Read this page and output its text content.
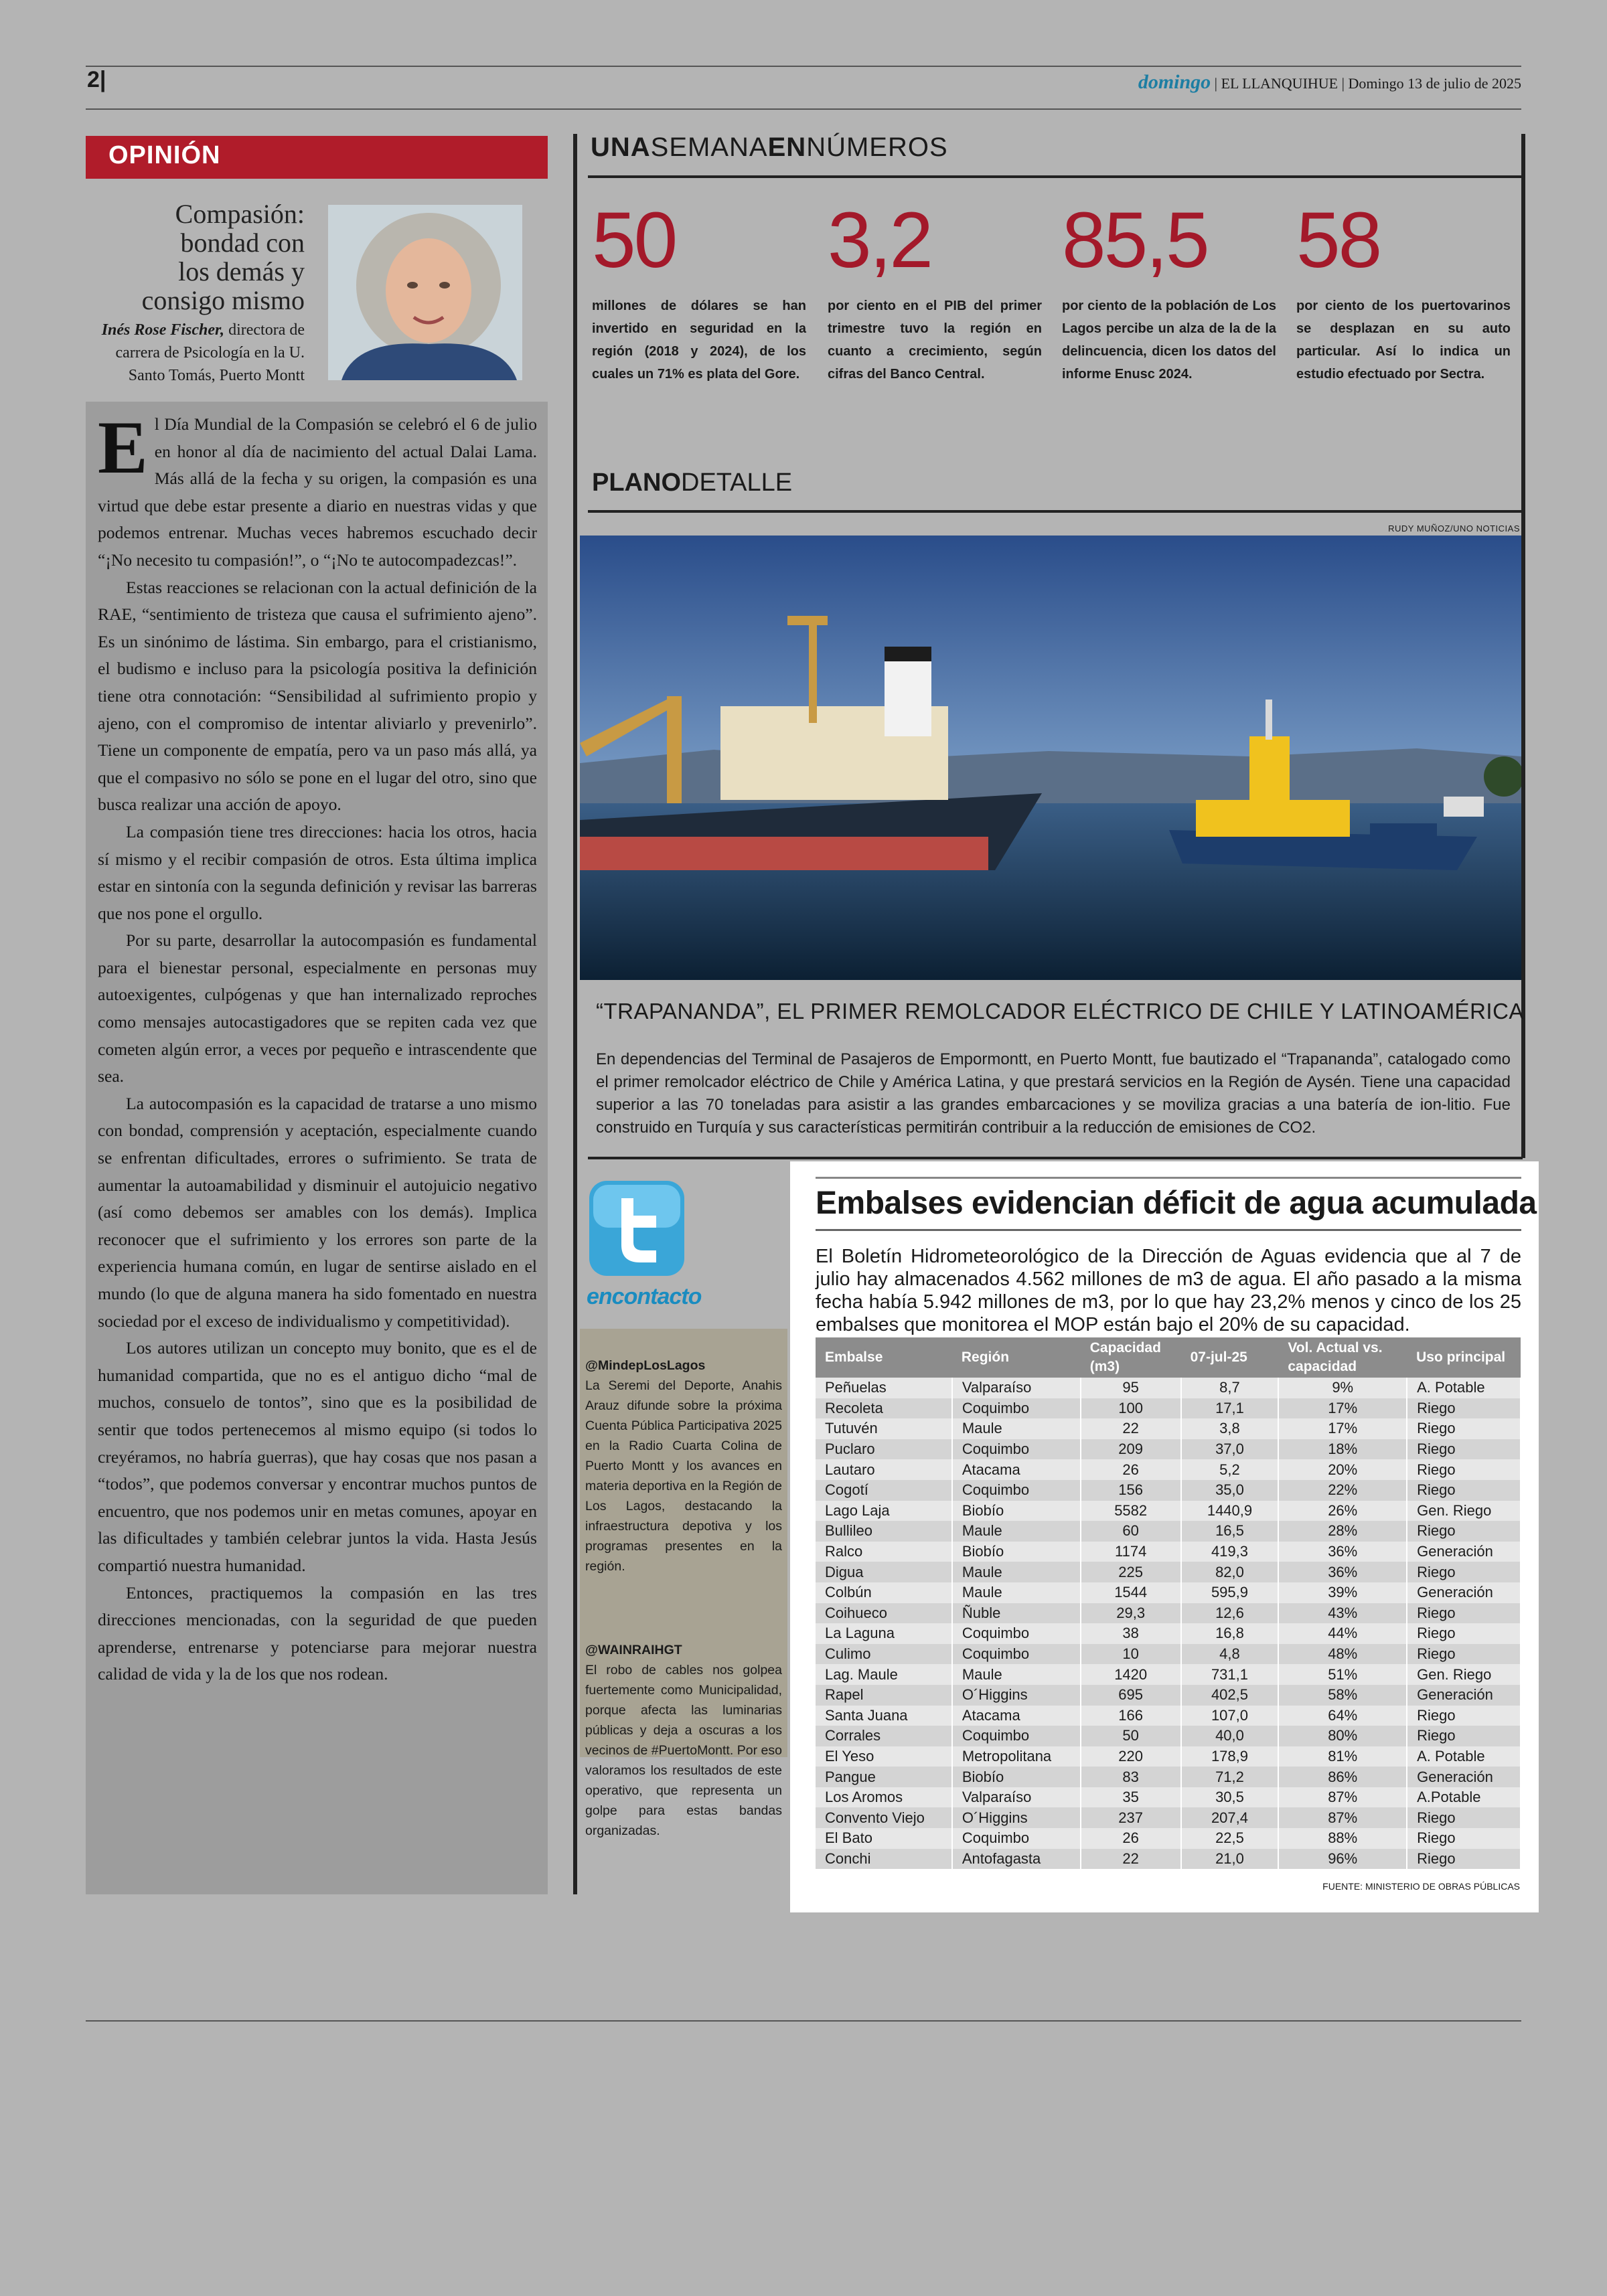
2|	domingo | EL LLANQUIHUE | Domingo 13 de julio de 2025
OPINIÓN
Compasión:
bondad con
los demás y
consigo mismo
Inés Rose Fischer, directora de carrera de Psicología en la U. Santo Tomás, Puerto Montt

El Día Mundial de la Compasión se celebró el 6 de julio en honor al día de nacimiento del actual Dalai Lama. Más allá de la fecha y su origen, la compasión es una virtud que debe estar presente a diario en nuestras vidas y que podemos entrenar. Muchas veces habremos escuchado decir “¡No necesito tu compasión!”, o “¡No te autocompadezcas!”.

Estas reacciones se relacionan con la actual definición de la RAE, “sentimiento de tristeza que causa el sufrimiento ajeno”. Es un sinónimo de lástima. Sin embargo, para el cristianismo, el budismo e incluso para la psicología positiva la definición tiene otra connotación: “Sensibilidad al sufrimiento propio y ajeno, con el compromiso de intentar aliviarlo y prevenirlo”. Tiene un componente de empatía, pero va un paso más allá, ya que el compasivo no sólo se pone en el lugar del otro, sino que busca realizar una acción de apoyo.

La compasión tiene tres direcciones: hacia los otros, hacia sí mismo y el recibir compasión de otros. Esta última implica estar en sintonía con la segunda definición y revisar las barreras que nos pone el orgullo.

Por su parte, desarrollar la autocompasión es fundamental para el bienestar personal, especialmente en personas muy autoexigentes, culpógenas y que han internalizado reproches como mensajes autocastigadores que se repiten cada vez que cometen algún error, a veces por pequeño e intrascendente que sea.

La autocompasión es la capacidad de tratarse a uno mismo con bondad, comprensión y aceptación, especialmente cuando se enfrentan dificultades, errores o sufrimiento. Se trata de aumentar la autoamabilidad y disminuir el autojuicio negativo (así como debemos ser amables con los demás). Implica reconocer que el sufrimiento y los errores son parte de la experiencia humana común, en lugar de sentirse aislado en el mundo (lo que de alguna manera ha sido fomentado en nuestra sociedad por el exceso de individualismo y competitividad).

Los autores utilizan un concepto muy bonito, que es el de humanidad compartida, que no es el antiguo dicho “mal de muchos, consuelo de tontos”, sino que es la posibilidad de sentir que todos pertenecemos al mismo equipo (si todos lo creyéramos, no habría guerras), que hay cosas que nos pasan a “todos”, que podemos conversar y encontrar muchos puntos de encuentro, que nos podemos unir en metas comunes, apoyar en las dificultades y también celebrar juntos la vida. Hasta Jesús compartió nuestra humanidad.

Entonces, practiquemos la compasión en las tres direcciones mencionadas, con la seguridad de que pueden aprenderse, entrenarse y potenciarse para mejorar nuestra calidad de vida y la de los que nos rodean.

UNASEMANAENNÚMEROS
50
millones de dólares se han invertido en seguridad en la región (2018 y 2024), de los cuales un 71% es plata del Gore.
3,2
por ciento en el PIB del primer trimestre tuvo la región en cuanto a crecimiento, según cifras del Banco Central.
85,5
por ciento de la población de Los Lagos percibe un alza de la de la delincuencia, dicen los datos del informe Enusc 2024.
58
por ciento de los puertovarinos se desplazan en su auto particular. Así lo indica un estudio efectuado por Sectra.
PLANODETALLE
RUDY MUÑOZ/UNO NOTICIAS
“TRAPANANDA”, EL PRIMER REMOLCADOR ELÉCTRICO DE CHILE Y LATINOAMÉRICA
En dependencias del Terminal de Pasajeros de Empormontt, en Puerto Montt, fue bautizado el “Trapananda”, catalogado como el primer remolcador eléctrico de Chile y América Latina, y que prestará servicios en la Región de Aysén. Tiene una capacidad superior a las 70 toneladas para asistir a las grandes embarcaciones y se moviliza gracias a una batería de ion-litio. Fue construido en Turquía y sus características permitirán contribuir a la reducción de emisiones de CO2.
encontacto
@MindepLosLagos
La Seremi del Deporte, Anahis Arauz difunde sobre la próxima Cuenta Pública Participativa 2025 en la Radio Cuarta Colina de Puerto Montt y los avances en materia deportiva en la Región de Los Lagos, destacando la infraestructura depotiva y los programas presentes en la región.
@WAINRAIHGT
El robo de cables nos golpea fuertemente como Municipalidad, porque afecta las luminarias públicas y deja a oscuras a los vecinos de #PuertoMontt. Por eso valoramos los resultados de este operativo, que representa un golpe para estas bandas organizadas.
Embalses evidencian déficit de agua acumulada
El Boletín Hidrometeorológico de la Dirección de Aguas evidencia que al 7 de julio hay almacenados 4.562 millones de m3 de agua. El año pasado a la misma fecha había 5.942 millones de m3, por lo que hay 23,2% menos y cinco de los 25 embalses que monitorea el MOP están bajo el 20% de su capacidad.
Embalse	Región	Capacidad (m3)	07-jul-25	Vol. Actual vs. capacidad	Uso principal
Peñuelas	Valparaíso	95	8,7	9%	A. Potable
Recoleta	Coquimbo	100	17,1	17%	Riego
Tutuvén	Maule	22	3,8	17%	Riego
Puclaro	Coquimbo	209	37,0	18%	Riego
Lautaro	Atacama	26	5,2	20%	Riego
Cogotí	Coquimbo	156	35,0	22%	Riego
Lago Laja	Biobío	5582	1440,9	26%	Gen. Riego
Bullileo	Maule	60	16,5	28%	Riego
Ralco	Biobío	1174	419,3	36%	Generación
Digua	Maule	225	82,0	36%	Riego
Colbún	Maule	1544	595,9	39%	Generación
Coihueco	Ñuble	29,3	12,6	43%	Riego
La Laguna	Coquimbo	38	16,8	44%	Riego
Culimo	Coquimbo	10	4,8	48%	Riego
Lag. Maule	Maule	1420	731,1	51%	Gen. Riego
Rapel	O´Higgins	695	402,5	58%	Generación
Santa Juana	Atacama	166	107,0	64%	Riego
Corrales	Coquimbo	50	40,0	80%	Riego
El Yeso	Metropolitana	220	178,9	81%	A. Potable
Pangue	Biobío	83	71,2	86%	Generación
Los Aromos	Valparaíso	35	30,5	87%	A.Potable
Convento Viejo	O´Higgins	237	207,4	87%	Riego
El Bato	Coquimbo	26	22,5	88%	Riego
Conchi	Antofagasta	22	21,0	96%	Riego
FUENTE: MINISTERIO DE OBRAS PÚBLICAS
